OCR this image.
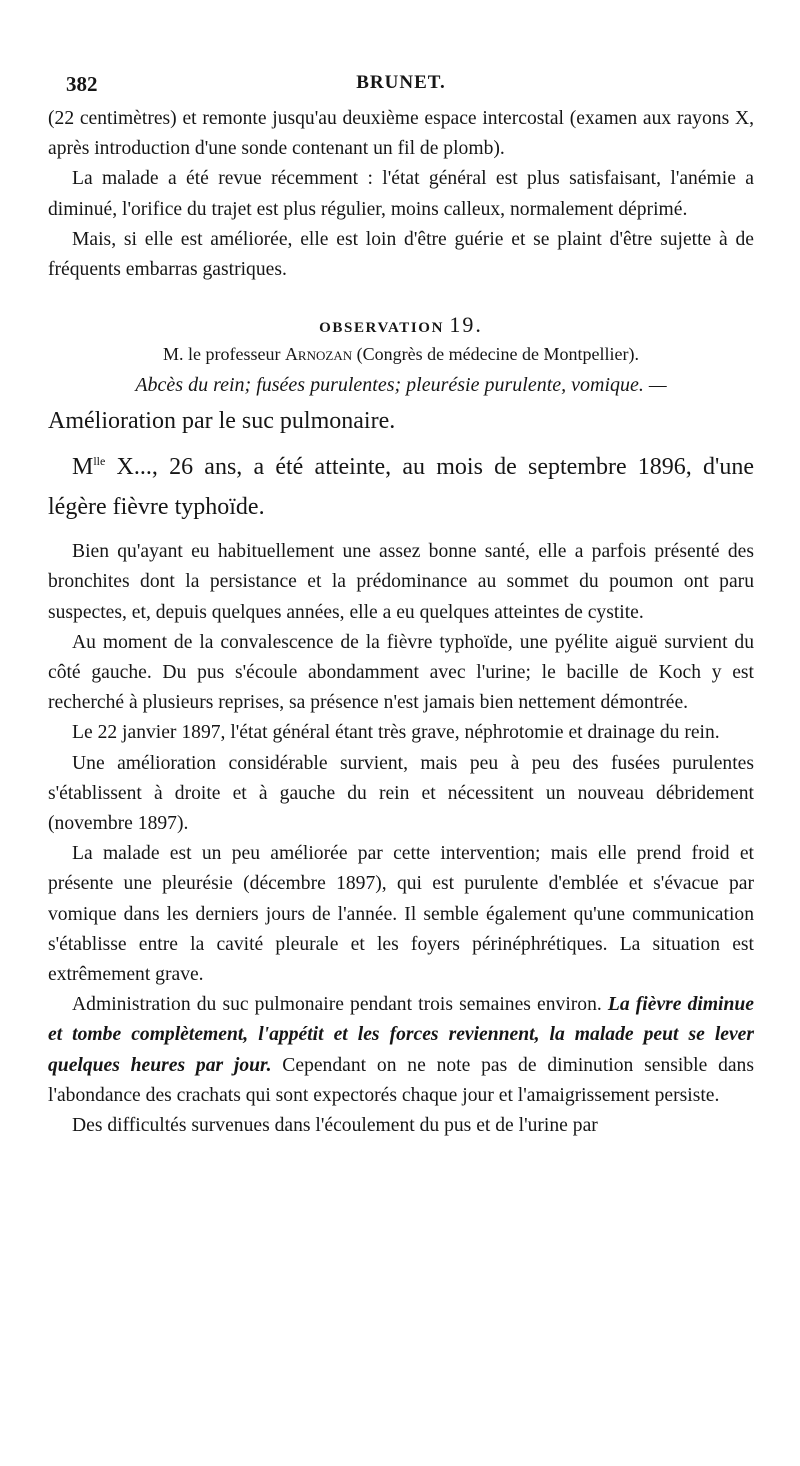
382	BRUNET.

(22 centimètres) et remonte jusqu'au deuxième espace intercostal (examen aux rayons X, après introduction d'une sonde contenant un fil de plomb).

La malade a été revue récemment : l'état général est plus satisfaisant, l'anémie a diminué, l'orifice du trajet est plus régulier, moins calleux, normalement déprimé.

Mais, si elle est améliorée, elle est loin d'être guérie et se plaint d'être sujette à de fréquents embarras gastriques.

OBSERVATION 19.
M. le professeur Arnozan (Congrès de médecine de Montpellier).
Abcès du rein; fusées purulentes; pleurésie purulente, vomique. —

Amélioration par le suc pulmonaire.

$M^{lle}$ X..., 26 ans, a été atteinte, au mois de septembre 1896, d'une légère fièvre typhoïde.

Bien qu'ayant eu habituellement une assez bonne santé, elle a parfois présenté des bronchites dont la persistance et la prédominance au sommet du poumon ont paru suspectes, et, depuis quelques années, elle a eu quelques atteintes de cystite.

Au moment de la convalescence de la fièvre typhoïde, une pyélite aiguë survient du côté gauche. Du pus s'écoule abondamment avec l'urine; le bacille de Koch y est recherché à plusieurs reprises, sa présence n'est jamais bien nettement démontrée.

Le 22 janvier 1897, l'état général étant très grave, néphrotomie et drainage du rein.

Une amélioration considérable survient, mais peu à peu des fusées purulentes s'établissent à droite et à gauche du rein et nécessitent un nouveau débridement (novembre 1897).

La malade est un peu améliorée par cette intervention; mais elle prend froid et présente une pleurésie (décembre 1897), qui est purulente d'emblée et s'évacue par vomique dans les derniers jours de l'année. Il semble également qu'une communication s'établisse entre la cavité pleurale et les foyers périnéphrétiques. La situation est extrêmement grave.

Administration du suc pulmonaire pendant trois semaines environ. La fièvre diminue et tombe complètement, l'appétit et les forces reviennent, la malade peut se lever quelques heures par jour. Cependant on ne note pas de diminution sensible dans l'abondance des crachats qui sont expectorés chaque jour et l'amaigrissement persiste.

Des difficultés survenues dans l'écoulement du pus et de l'urine par
